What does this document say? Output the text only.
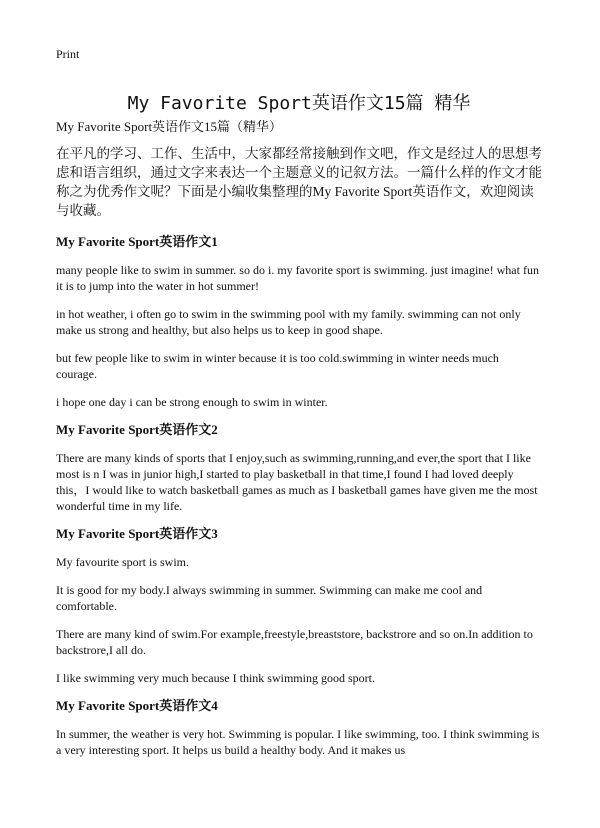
Print
My Favorite Sport英语作文15篇 精华
My Favorite Sport英语作文15篇（精华）
在平凡的学习、工作、生活中，大家都经常接触到作文吧，作文是经过人的思想考虑和语言组织，通过文字来表达一个主题意义的记叙方法。一篇什么样的作文才能称之为优秀作文呢？下面是小编收集整理的My Favorite Sport英语作文，欢迎阅读与收藏。
My Favorite Sport英语作文1

many people like to swim in summer. so do i. my favorite sport is swimming. just imagine! what fun it is to jump into the water in hot summer!

in hot weather, i often go to swim in the swimming pool with my family. swimming can not only make us strong and healthy, but also helps us to keep in good shape.

but few people like to swim in winter because it is too cold.swimming in winter needs much courage.

i hope one day i can be strong enough to swim in winter.

My Favorite Sport英语作文2

There are many kinds of sports that I enjoy,such as swimming,running,and ever,the sport that I like most is n I was in junior high,I started to play basketball in that time,I found I had loved deeply this，I would like to watch basketball games as much as I basketball games have given me the most wonderful time in my life.

My Favorite Sport英语作文3

My favourite sport is swim.

It is good for my body.I always swimming in summer. Swimming can make me cool and comfortable.

There are many kind of swim.For example,freestyle,breaststore, backstrore and so on.In addition to backstrore,I all do.

I like swimming very much because I think swimming good sport.

My Favorite Sport英语作文4

In summer, the weather is very hot. Swimming is popular. I like swimming, too. I think swimming is a very interesting sport. It helps us build a healthy body. And it makes us
